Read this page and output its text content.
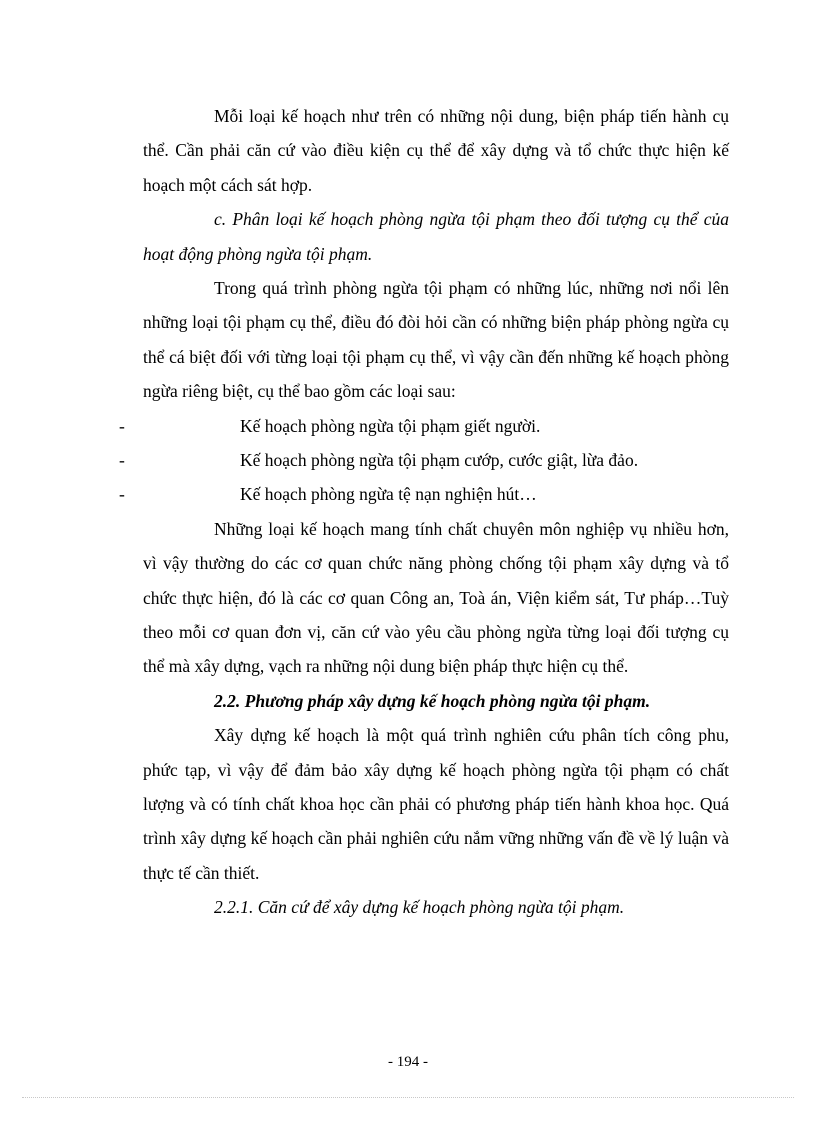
Mỗi loại kế hoạch như trên có những nội dung, biện pháp tiến hành cụ thể. Cần phải căn cứ vào điều kiện cụ thể để xây dựng và tổ chức thực hiện kế hoạch một cách sát hợp.

c. Phân loại kế hoạch phòng ngừa tội phạm theo đối tượng cụ thể của hoạt động phòng ngừa tội phạm.

Trong quá trình phòng ngừa tội phạm có những lúc, những nơi nổi lên những loại tội phạm cụ thể, điều đó đòi hỏi cần có những biện pháp phòng ngừa cụ thể cá biệt đối với từng loại tội phạm cụ thể, vì vậy cần đến những kế hoạch phòng ngừa riêng biệt, cụ thể bao gồm các loại sau:

-	Kế hoạch phòng ngừa tội phạm giết người.
-	Kế hoạch phòng ngừa tội phạm cướp, cước giật, lừa đảo.
-	Kế hoạch phòng ngừa tệ nạn nghiện hút…

Những loại kế hoạch mang tính chất chuyên môn nghiệp vụ nhiều hơn, vì vậy thường do các cơ quan chức năng phòng chống tội phạm xây dựng và tổ chức thực hiện, đó là các cơ quan Công an, Toà án, Viện kiểm sát, Tư pháp…Tuỳ theo mỗi cơ quan đơn vị, căn cứ vào yêu cầu phòng ngừa từng loại đối tượng cụ thể mà xây dựng, vạch ra những nội dung biện pháp thực hiện cụ thể.

2.2. Phương pháp xây dựng kế hoạch phòng ngừa tội phạm.

Xây dựng kế hoạch là một quá trình nghiên cứu phân tích công phu, phức tạp, vì vậy để đảm bảo xây dựng kế hoạch phòng ngừa tội phạm có chất lượng và có tính chất khoa học cần phải có phương pháp tiến hành khoa học. Quá trình xây dựng kế hoạch cần phải nghiên cứu nắm vững những vấn đề về lý luận và thực tế cần thiết.

2.2.1. Căn cứ để xây dựng kế hoạch phòng ngừa tội phạm.

- 194 -
